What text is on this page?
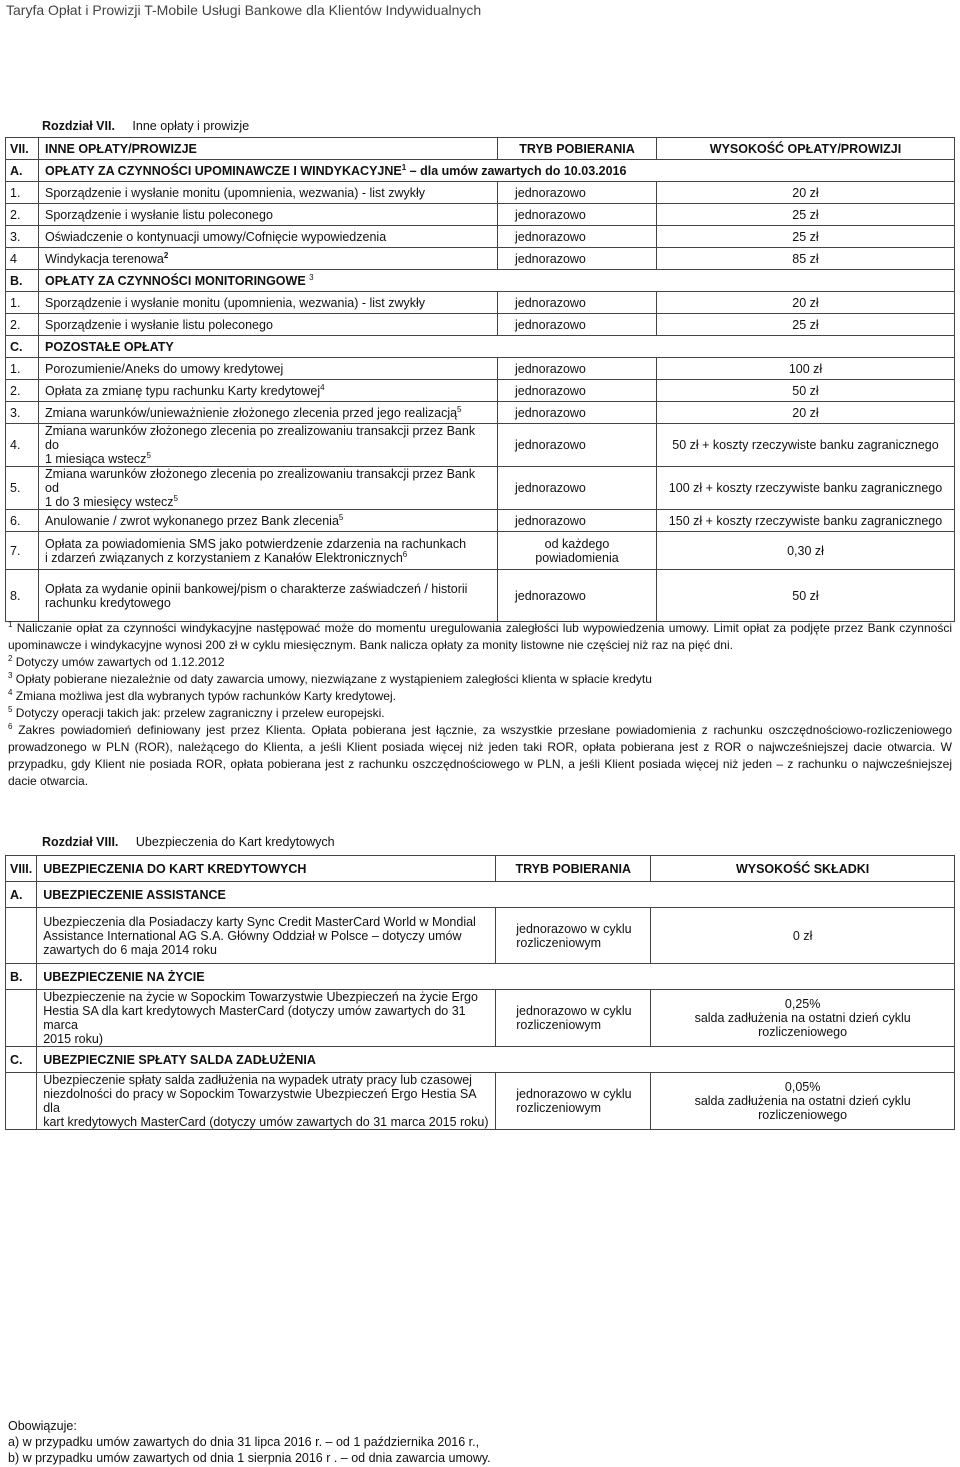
Taryfa Opłat i Prowizji T-Mobile Usługi Bankowe dla Klientów Indywidualnych
Rozdział VII. Inne opłaty i prowizje
VII.	INNE OPŁATY/PROWIZJE	TRYB POBIERANIA	WYSOKOŚĆ OPŁATY/PROWIZJI
A.	OPŁATY ZA CZYNNOŚCI UPOMINAWCZE I WINDYKACYJNE$^1$ – dla umów zawartych do 10.03.2016		
1.	Sporządzenie i wysłanie monitu (upomnienia, wezwania) - list zwykły	jednorazowo	20 zł
2.	Sporządzenie i wysłanie listu poleconego	jednorazowo	25 zł
3.	Oświadczenie o kontynuacji umowy/Cofnięcie wypowiedzenia	jednorazowo	25 zł
4	Windykacja terenowa$^2$	jednorazowo	85 zł
B.	OPŁATY ZA CZYNNOŚCI MONITORINGOWE $^3$
1.	Sporządzenie i wysłanie monitu (upomnienia, wezwania) - list zwykły	jednorazowo	20 zł
2.	Sporządzenie i wysłanie listu poleconego	jednorazowo	25 zł
C.	POZOSTAŁE OPŁATY		
1.	Porozumienie/Aneks do umowy kredytowej	jednorazowo	100 zł
2.	Opłata za zmianę typu rachunku Karty kredytowej$^4$	jednorazowo	50 zł
3.	Zmiana warunków/unieważnienie złożonego zlecenia przed jego realizacją$^5$	jednorazowo	20 zł
4.	Zmiana warunków złożonego zlecenia po zrealizowaniu transakcji przez Bank do
1 miesiąca wstecz$^5$	jednorazowo	50 zł + koszty rzeczywiste banku zagranicznego
5.	Zmiana warunków złożonego zlecenia po zrealizowaniu transakcji przez Bank od
1 do 3 miesięcy wstecz$^5$	jednorazowo	100 zł + koszty rzeczywiste banku zagranicznego
6.	Anulowanie / zwrot wykonanego przez Bank zlecenia$^5$	jednorazowo	150 zł + koszty rzeczywiste banku zagranicznego
7.	Opłata za powiadomienia SMS jako potwierdzenie zdarzenia na rachunkach
i zdarzeń związanych z korzystaniem z Kanałów Elektronicznych$^6$	od każdego
powiadomienia	0,30 zł
8.	Opłata za wydanie opinii bankowej/pism o charakterze zaświadczeń / historii
rachunku kredytowego	jednorazowo	50 zł

$^1$ Naliczanie opłat za czynności windykacyjne następować może do momentu uregulowania zaległości lub wypowiedzenia umowy. Limit opłat za podjęte przez Bank czynności upominawcze i windykacyjne wynosi 200 zł w cyklu miesięcznym. Bank nalicza opłaty za monity listowne nie częściej niż raz na pięć dni.

$^2$ Dotyczy umów zawartych od 1.12.2012

$^3$ Opłaty pobierane niezależnie od daty zawarcia umowy, niezwiązane z wystąpieniem zaległości klienta w spłacie kredytu

$^4$ Zmiana możliwa jest dla wybranych typów rachunków Karty kredytowej.

$^5$ Dotyczy operacji takich jak: przelew zagraniczny i przelew europejski.

$^6$ Zakres powiadomień definiowany jest przez Klienta. Opłata pobierana jest łącznie, za wszystkie przesłane powiadomienia z rachunku oszczędnościowo-rozliczeniowego prowadzonego w PLN (ROR), należącego do Klienta, a jeśli Klient posiada więcej niż jeden taki ROR, opłata pobierana jest z ROR o najwcześniejszej dacie otwarcia. W przypadku, gdy Klient nie posiada ROR, opłata pobierana jest z rachunku oszczędnościowego w PLN, a jeśli Klient posiada więcej niż jeden – z rachunku o najwcześniejszej dacie otwarcia.

Rozdział VIII. Ubezpieczenia do Kart kredytowych
VIII.	UBEZPIECZENIA DO KART KREDYTOWYCH	TRYB POBIERANIA	WYSOKOŚĆ SKŁADKI
A.	UBEZPIECZENIE ASSISTANCE		
	Ubezpieczenia dla Posiadaczy karty Sync Credit MasterCard World w Mondial
Assistance International AG S.A. Główny Oddział w Polsce – dotyczy umów
zawartych do 6 maja 2014 roku	jednorazowo w cyklu
rozliczeniowym	0 zł
B.	UBEZPIECZENIE NA ŻYCIE		
	Ubezpieczenie na życie w Sopockim Towarzystwie Ubezpieczeń na życie Ergo
Hestia SA dla kart kredytowych MasterCard (dotyczy umów zawartych do 31 marca
2015 roku)	jednorazowo w cyklu
rozliczeniowym	0,25%
salda zadłużenia na ostatni dzień cyklu rozliczeniowego
C.	UBEZPIECZNIE SPŁATY SALDA ZADŁUŻENIA		
	Ubezpieczenie spłaty salda zadłużenia na wypadek utraty pracy lub czasowej
niezdolności do pracy w Sopockim Towarzystwie Ubezpieczeń Ergo Hestia SA dla
kart kredytowych MasterCard (dotyczy umów zawartych do 31 marca 2015 roku)	jednorazowo w cyklu
rozliczeniowym	0,05%
salda zadłużenia na ostatni dzień cyklu rozliczeniowego
Obowiązuje:
a) w przypadku umów zawartych do dnia 31 lipca 2016 r. – od 1 października 2016 r.,
b) w przypadku umów zawartych od dnia 1 sierpnia 2016 r . – od dnia zawarcia umowy.
